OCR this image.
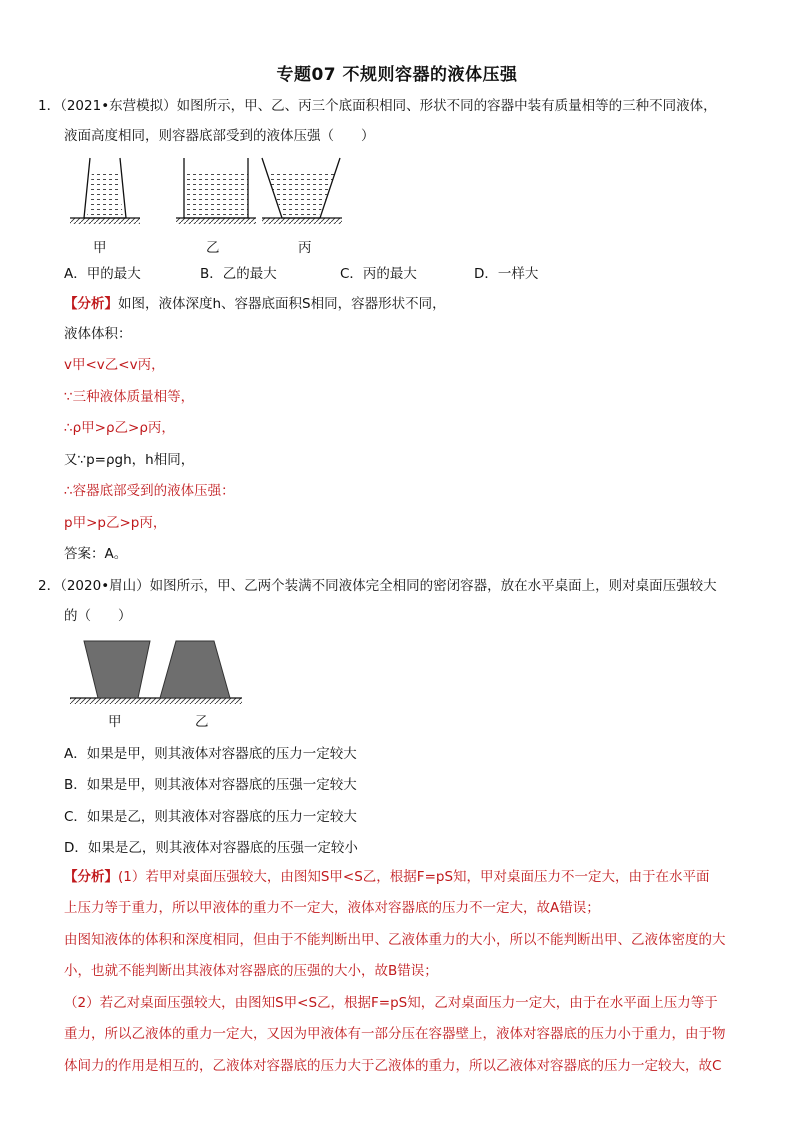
专题07 不规则容器的液体压强
1．（2021•东营模拟）如图所示，甲、乙、丙三个底面积相同、形状不同的容器中装有质量相等的三种不同液体，
液面高度相同，则容器底部受到的液体压强（　　）
甲	乙	丙
A．甲的最大	B．乙的最大	C．丙的最大	D．一样大
【分析】如图，液体深度h、容器底面积S相同，容器形状不同，
液体体积：
v甲<v乙<v丙，
∵三种液体质量相等，
∴ρ甲>ρ乙>ρ丙，
又∵p=ρgh，h相同，
∴容器底部受到的液体压强：
p甲>p乙>p丙，
答案：A。
2．（2020•眉山）如图所示，甲、乙两个装满不同液体完全相同的密闭容器，放在水平桌面上，则对桌面压强较大
的（　　）
甲	乙
A．如果是甲，则其液体对容器底的压力一定较大
B．如果是甲，则其液体对容器底的压强一定较大
C．如果是乙，则其液体对容器底的压力一定较大
D．如果是乙，则其液体对容器底的压强一定较小
【分析】(1）若甲对桌面压强较大，由图知S甲<S乙，根据F=pS知，甲对桌面压力不一定大，由于在水平面
上压力等于重力，所以甲液体的重力不一定大，液体对容器底的压力不一定大，故A错误；
由图知液体的体积和深度相同，但由于不能判断出甲、乙液体重力的大小，所以不能判断出甲、乙液体密度的大
小，也就不能判断出其液体对容器底的压强的大小，故B错误；
（2）若乙对桌面压强较大，由图知S甲<S乙，根据F=pS知，乙对桌面压力一定大，由于在水平面上压力等于
重力，所以乙液体的重力一定大，又因为甲液体有一部分压在容器壁上，液体对容器底的压力小于重力，由于物
体间力的作用是相互的，乙液体对容器底的压力大于乙液体的重力，所以乙液体对容器底的压力一定较大，故C
